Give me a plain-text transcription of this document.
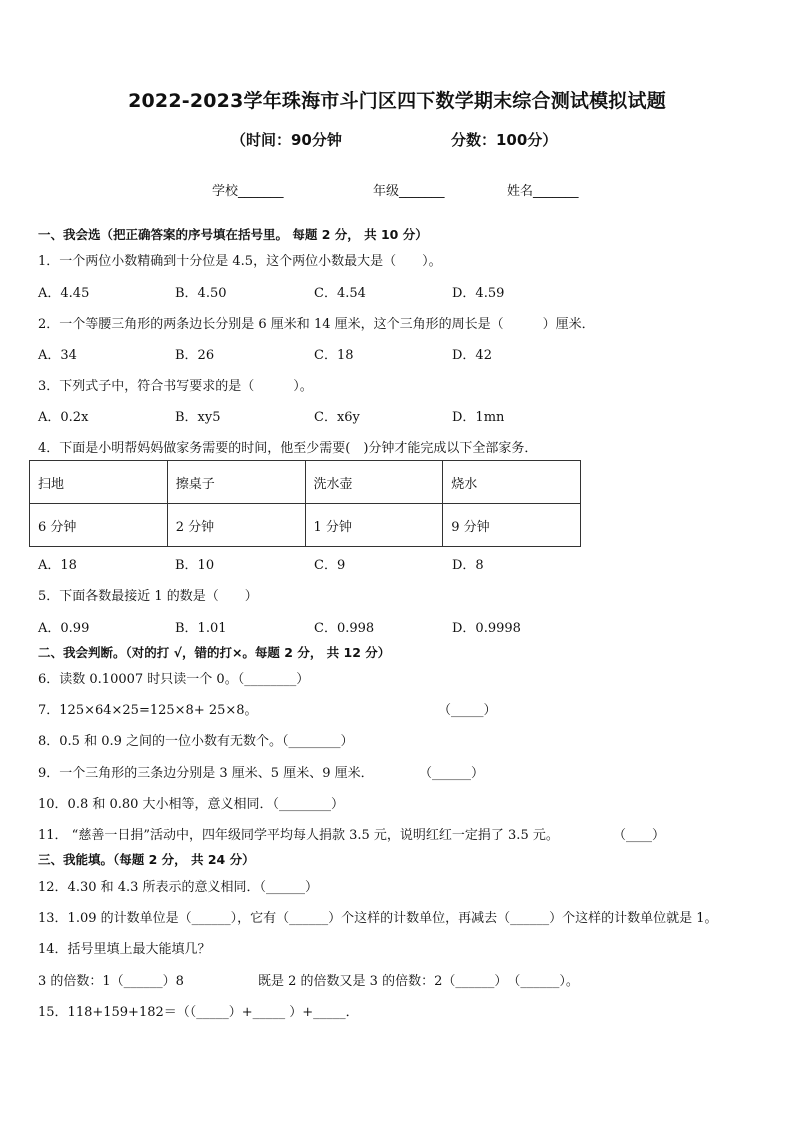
2022-2023学年珠海市斗门区四下数学期末综合测试模拟试题
（时间：90分钟	分数：100分）
学校_______	年级_______	姓名_______
一、我会选（把正确答案的序号填在括号里。 每题 2 分， 共 10 分）
1．一个两位小数精确到十分位是 4.5，这个两位小数最大是（　　）。
A．4.45	B．4.50	C．4.54	D．4.59
2．一个等腰三角形的两条边长分别是 6 厘米和 14 厘米，这个三角形的周长是（　　　）厘米．
A．34	B．26	C．18	D．42
3．下列式子中，符合书写要求的是（　　　）。
A．0.2x	B．xy5	C．x6y	D．1mn
4．下面是小明帮妈妈做家务需要的时间，他至少需要(　)分钟才能完成以下全部家务．
扫地	擦桌子	洗水壶	烧水
6 分钟	2 分钟	1 分钟	9 分钟
A．18	B．10	C．9	D．8
5．下面各数最接近 1 的数是（　　）
A．0.99	B．1.01	C．0.998	D．0.9998
二、我会判断。（对的打 √，错的打×。每题 2 分， 共 12 分）
6．读数 0.10007 时只读一个 0。（________）
7．125×64×25=125×8+ 25×8。	（_____）
8．0.5 和 0.9 之间的一位小数有无数个。（________）
9．一个三角形的三条边分别是 3 厘米、5 厘米、9 厘米．	（______）
10．0.8 和 0.80 大小相等，意义相同．（________）
11． “慈善一日捐”活动中，四年级同学平均每人捐款 3.5 元，说明红红一定捐了 3.5 元。	（____）
三、我能填。（每题 2 分， 共 24 分）
12．4.30 和 4.3 所表示的意义相同．（______）
13．1.09 的计数单位是（______），它有（______）个这样的计数单位，再减去（______）个这样的计数单位就是 1。
14．括号里填上最大能填几？
3 的倍数：1（______）8	既是 2 的倍数又是 3 的倍数：2（______）　（______）。
15．118+159+182＝（（_____）+_____ ）+_____．
